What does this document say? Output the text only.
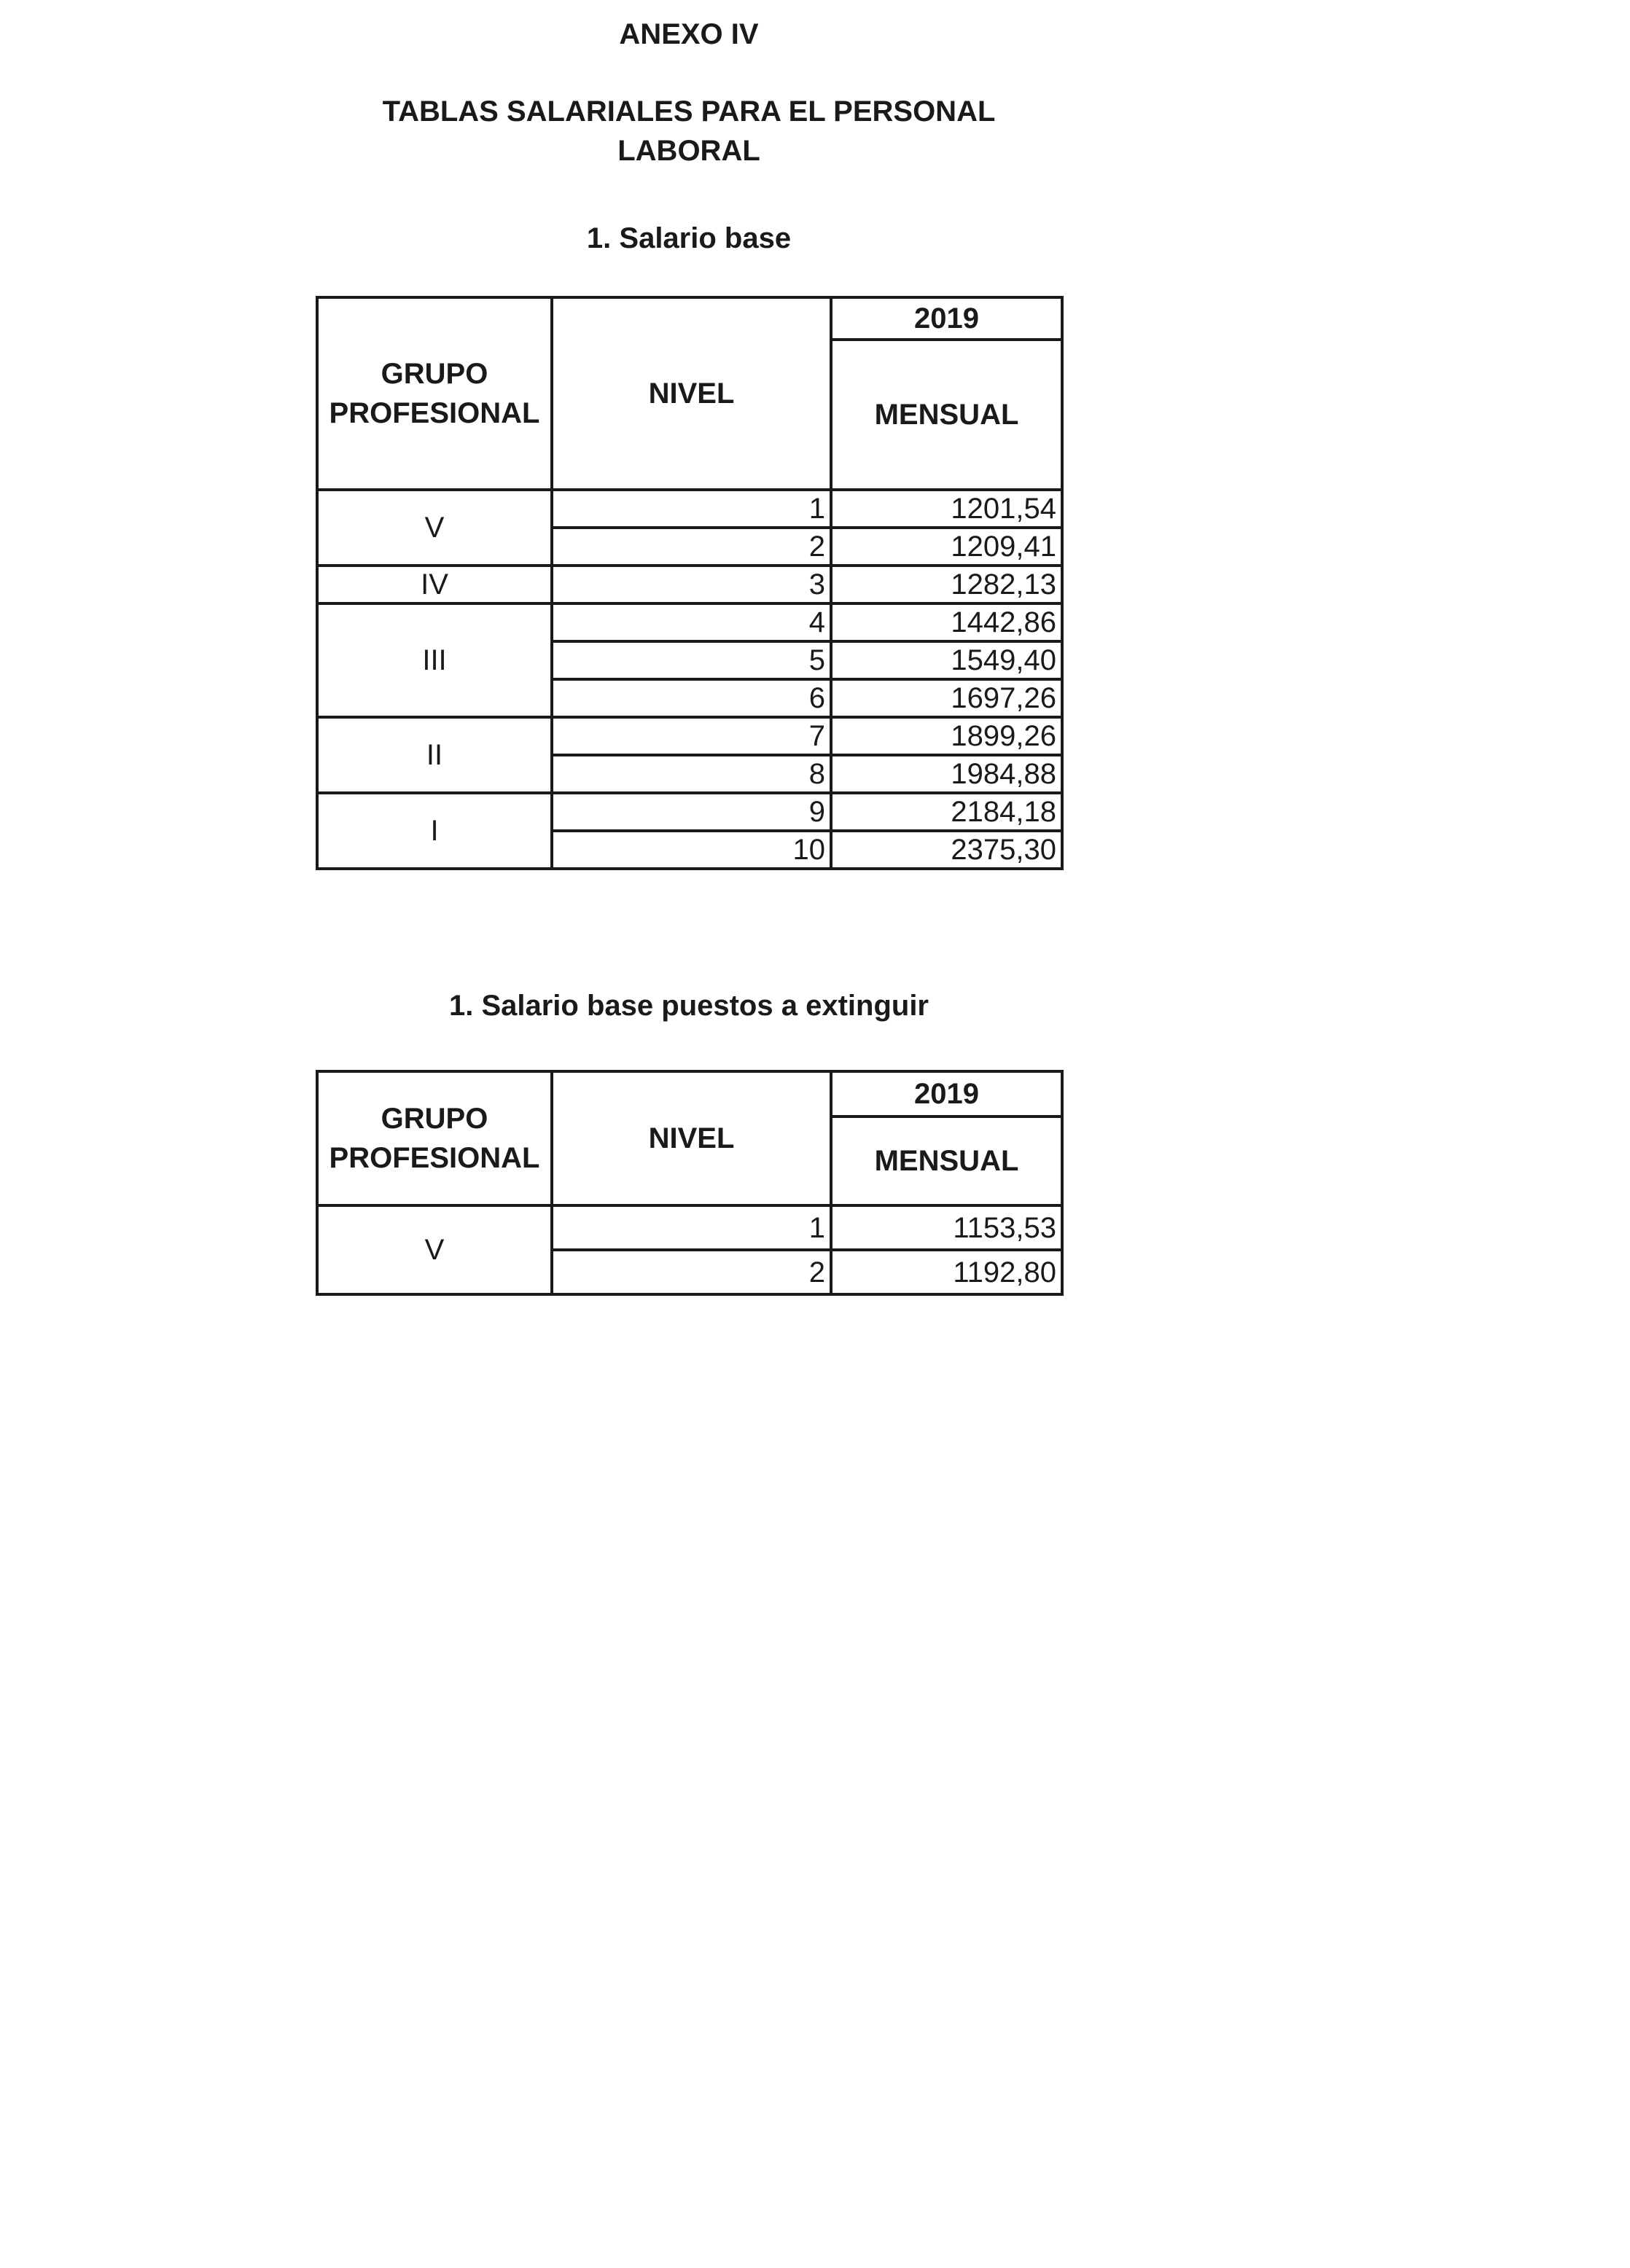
ANEXO IV
TABLAS SALARIALES PARA EL PERSONAL LABORAL
1. Salario base
GRUPO PROFESIONAL	NIVEL	2019
		MENSUAL
V	1	1201,54
	2	1209,41
IV	3	1282,13
III	4	1442,86
	5	1549,40
	6	1697,26
II	7	1899,26
	8	1984,88
I	9	2184,18
	10	2375,30
1. Salario base puestos a extinguir
GRUPO PROFESIONAL	NIVEL	2019
		MENSUAL
V	1	1153,53
	2	1192,80
